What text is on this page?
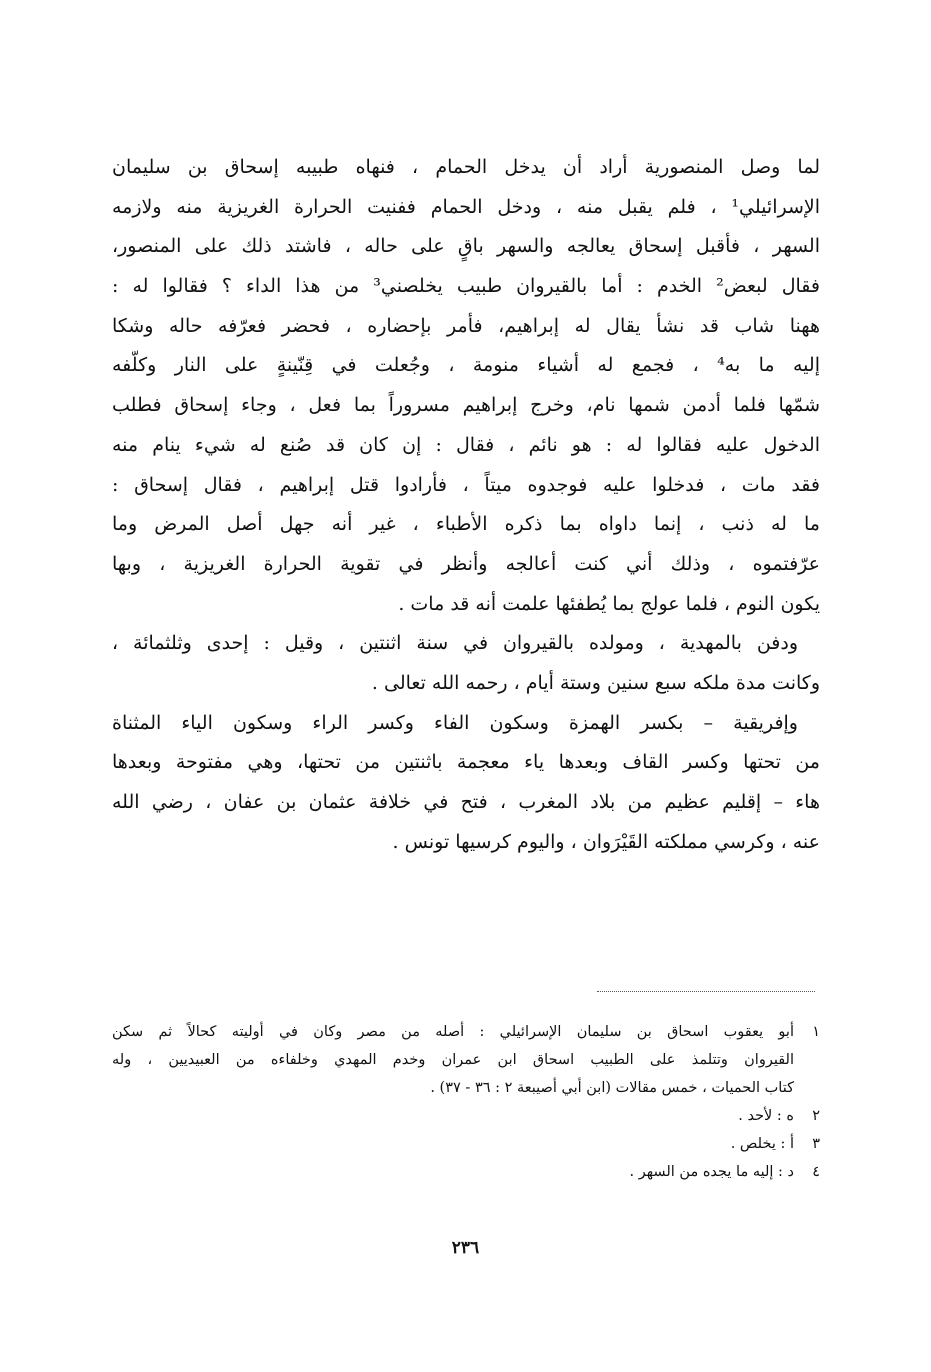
لما وصل المنصورية أراد أن يدخل الحمام ، فنهاه طبيبه إسحاق بن سليمان
الإسرائيلي¹ ، فلم يقبل منه ، ودخل الحمام ففنيت الحرارة الغريزية منه ولازمه
السهر ، فأقبل إسحاق يعالجه والسهر باقٍ على حاله ، فاشتد ذلك على المنصور،
فقال لبعض² الخدم : أما بالقيروان طبيب يخلصني³ من هذا الداء ؟ فقالوا له :
ههنا شاب قد نشأ يقال له إبراهيم، فأمر بإحضاره ، فحضر فعرّفه حاله وشكا
إليه ما به⁴ ، فجمع له أشياء منومة ، وجُعلت في قِنّينةٍ على النار وكلّفه
شمّها فلما أدمن شمها نام، وخرج إبراهيم مسروراً بما فعل ، وجاء إسحاق فطلب
الدخول عليه فقالوا له : هو نائم ، فقال : إن كان قد صُنع له شيء ينام منه
فقد مات ، فدخلوا عليه فوجدوه ميتاً ، فأرادوا قتل إبراهيم ، فقال إسحاق :
ما له ذنب ، إنما داواه بما ذكره الأطباء ، غير أنه جهل أصل المرض وما
عرّفتموه ، وذلك أني كنت أعالجه وأنظر في تقوية الحرارة الغريزية ، وبها
يكون النوم ، فلما عولج بما يُطفئها علمت أنه قد مات .
ودفن بالمهدية ، ومولده بالقيروان في سنة اثنتين ، وقيل : إحدى وثلثمائة ،
وكانت مدة ملكه سبع سنين وستة أيام ، رحمه الله تعالى .
وإفريقية – بكسر الهمزة وسكون الفاء وكسر الراء وسكون الياء المثناة
من تحتها وكسر القاف وبعدها ياء معجمة باثنتين من تحتها، وهي مفتوحة وبعدها
هاء – إقليم عظيم من بلاد المغرب ، فتح في خلافة عثمان بن عفان ، رضي الله
عنه ، وكرسي مملكته القَيْرَوان ، واليوم كرسيها تونس .
١
أبو يعقوب اسحاق بن سليمان الإسرائيلي : أصله من مصر وكان في أوليته كحالاً ثم سكن
القيروان وتتلمذ على الطبيب اسحاق ابن عمران وخدم المهدي وخلفاءه من العبيديين ، وله
كتاب الحميات ، خمس مقالات (ابن أبي أصيبعة ٢ : ٣٦ - ٣٧) .
٢
ه : لأحد .
٣
أ : يخلص .
٤
د : إليه ما يجده من السهر .
٢٣٦
